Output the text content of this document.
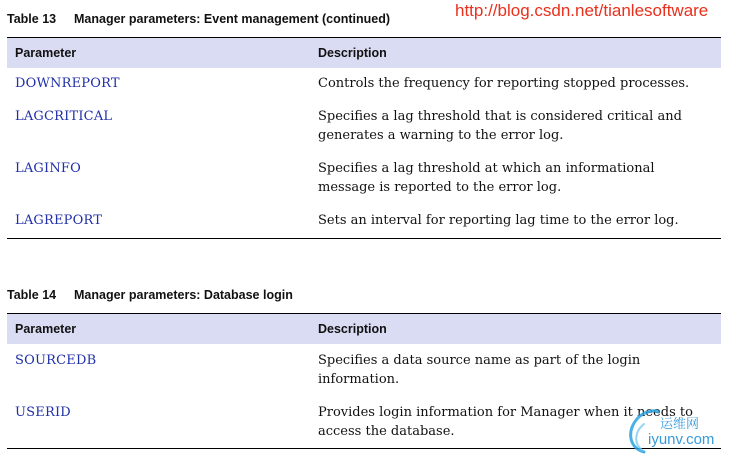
http://blog.csdn.net/tianlesoftware
Table 13 Manager parameters: Event management (continued)
Parameter	Description
DOWNREPORT	Controls the frequency for reporting stopped processes.
LAGCRITICAL	Specifies a lag threshold that is considered critical and generates a warning to the error log.
LAGINFO	Specifies a lag threshold at which an informational message is reported to the error log.
LAGREPORT	Sets an interval for reporting lag time to the error log.
Table 14 Manager parameters: Database login
Parameter	Description
SOURCEDB	Specifies a data source name as part of the login information.
USERID	Provides login information for Manager when it needs to access the database.	运维网
iyunv.com
